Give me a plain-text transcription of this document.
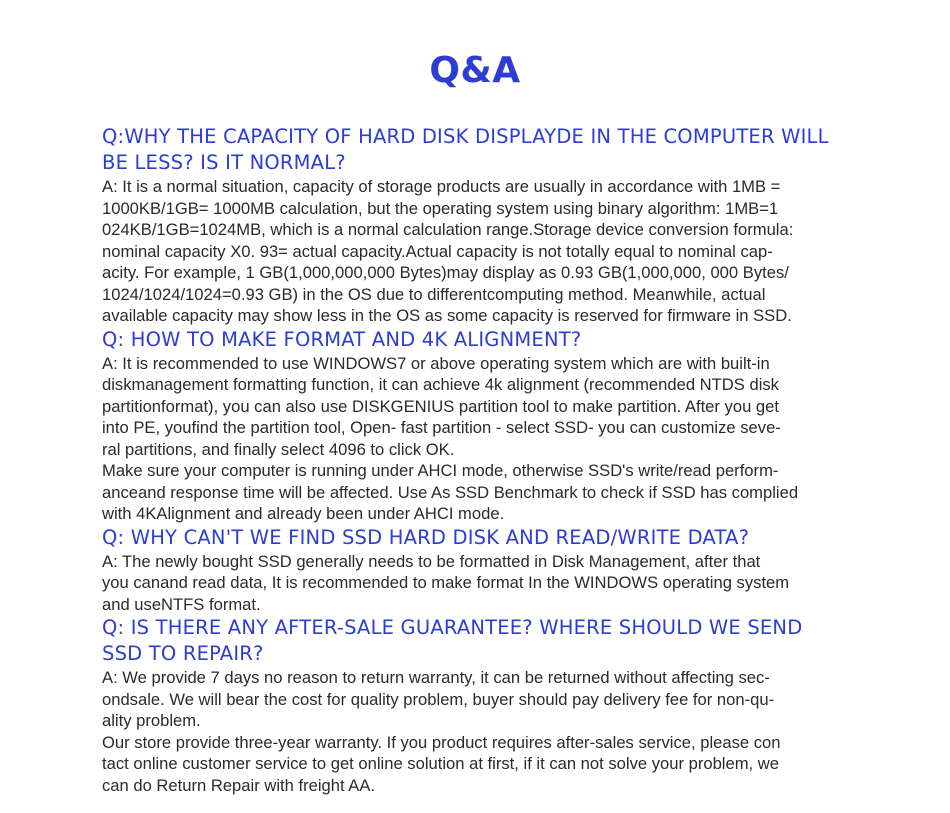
Q&A

Q:WHY THE CAPACITY OF HARD DISK DISPLAYDE IN THE COMPUTER WILL
BE LESS? IS IT NORMAL?

A: It is a normal situation, capacity of storage products are usually in accordance with 1MB =
1000KB/1GB= 1000MB calculation, but the operating system using binary algorithm: 1MB=1
024KB/1GB=1024MB, which is a normal calculation range.Storage device conversion formula:
nominal capacity X0. 93= actual capacity.Actual capacity is not totally equal to nominal cap-
acity. For example, 1 GB(1,000,000,000 Bytes)may display as 0.93 GB(1,000,000, 000 Bytes/
1024/1024/1024=0.93 GB) in the OS due to differentcomputing method. Meanwhile, actual
available capacity may show less in the OS as some capacity is reserved for firmware in SSD.

Q: HOW TO MAKE FORMAT AND 4K ALIGNMENT?

A: It is recommended to use WINDOWS7 or above operating system which are with built-in
diskmanagement formatting function, it can achieve 4k alignment (recommended NTDS disk
partitionformat), you can also use DISKGENIUS partition tool to make partition. After you get
into PE, youfind the partition tool, Open- fast partition - select SSD- you can customize seve-
ral partitions, and finally select 4096 to click OK.
Make sure your computer is running under AHCI mode, otherwise SSD's write/read perform-
anceand response time will be affected. Use As SSD Benchmark to check if SSD has complied
with 4KAlignment and already been under AHCI mode.

Q: WHY CAN'T WE FIND SSD HARD DISK AND READ/WRITE DATA?

A: The newly bought SSD generally needs to be formatted in Disk Management, after that
you canand read data, It is recommended to make format In the WINDOWS operating system
and useNTFS format.

Q: IS THERE ANY AFTER-SALE GUARANTEE? WHERE SHOULD WE SEND
SSD TO REPAIR?

A: We provide 7 days no reason to return warranty, it can be returned without affecting sec-
ondsale. We will bear the cost for quality problem, buyer should pay delivery fee for non-qu-
ality problem.
Our store provide three-year warranty. If you product requires after-sales service, please con
tact online customer service to get online solution at first, if it can not solve your problem, we
can do Return Repair with freight AA.
